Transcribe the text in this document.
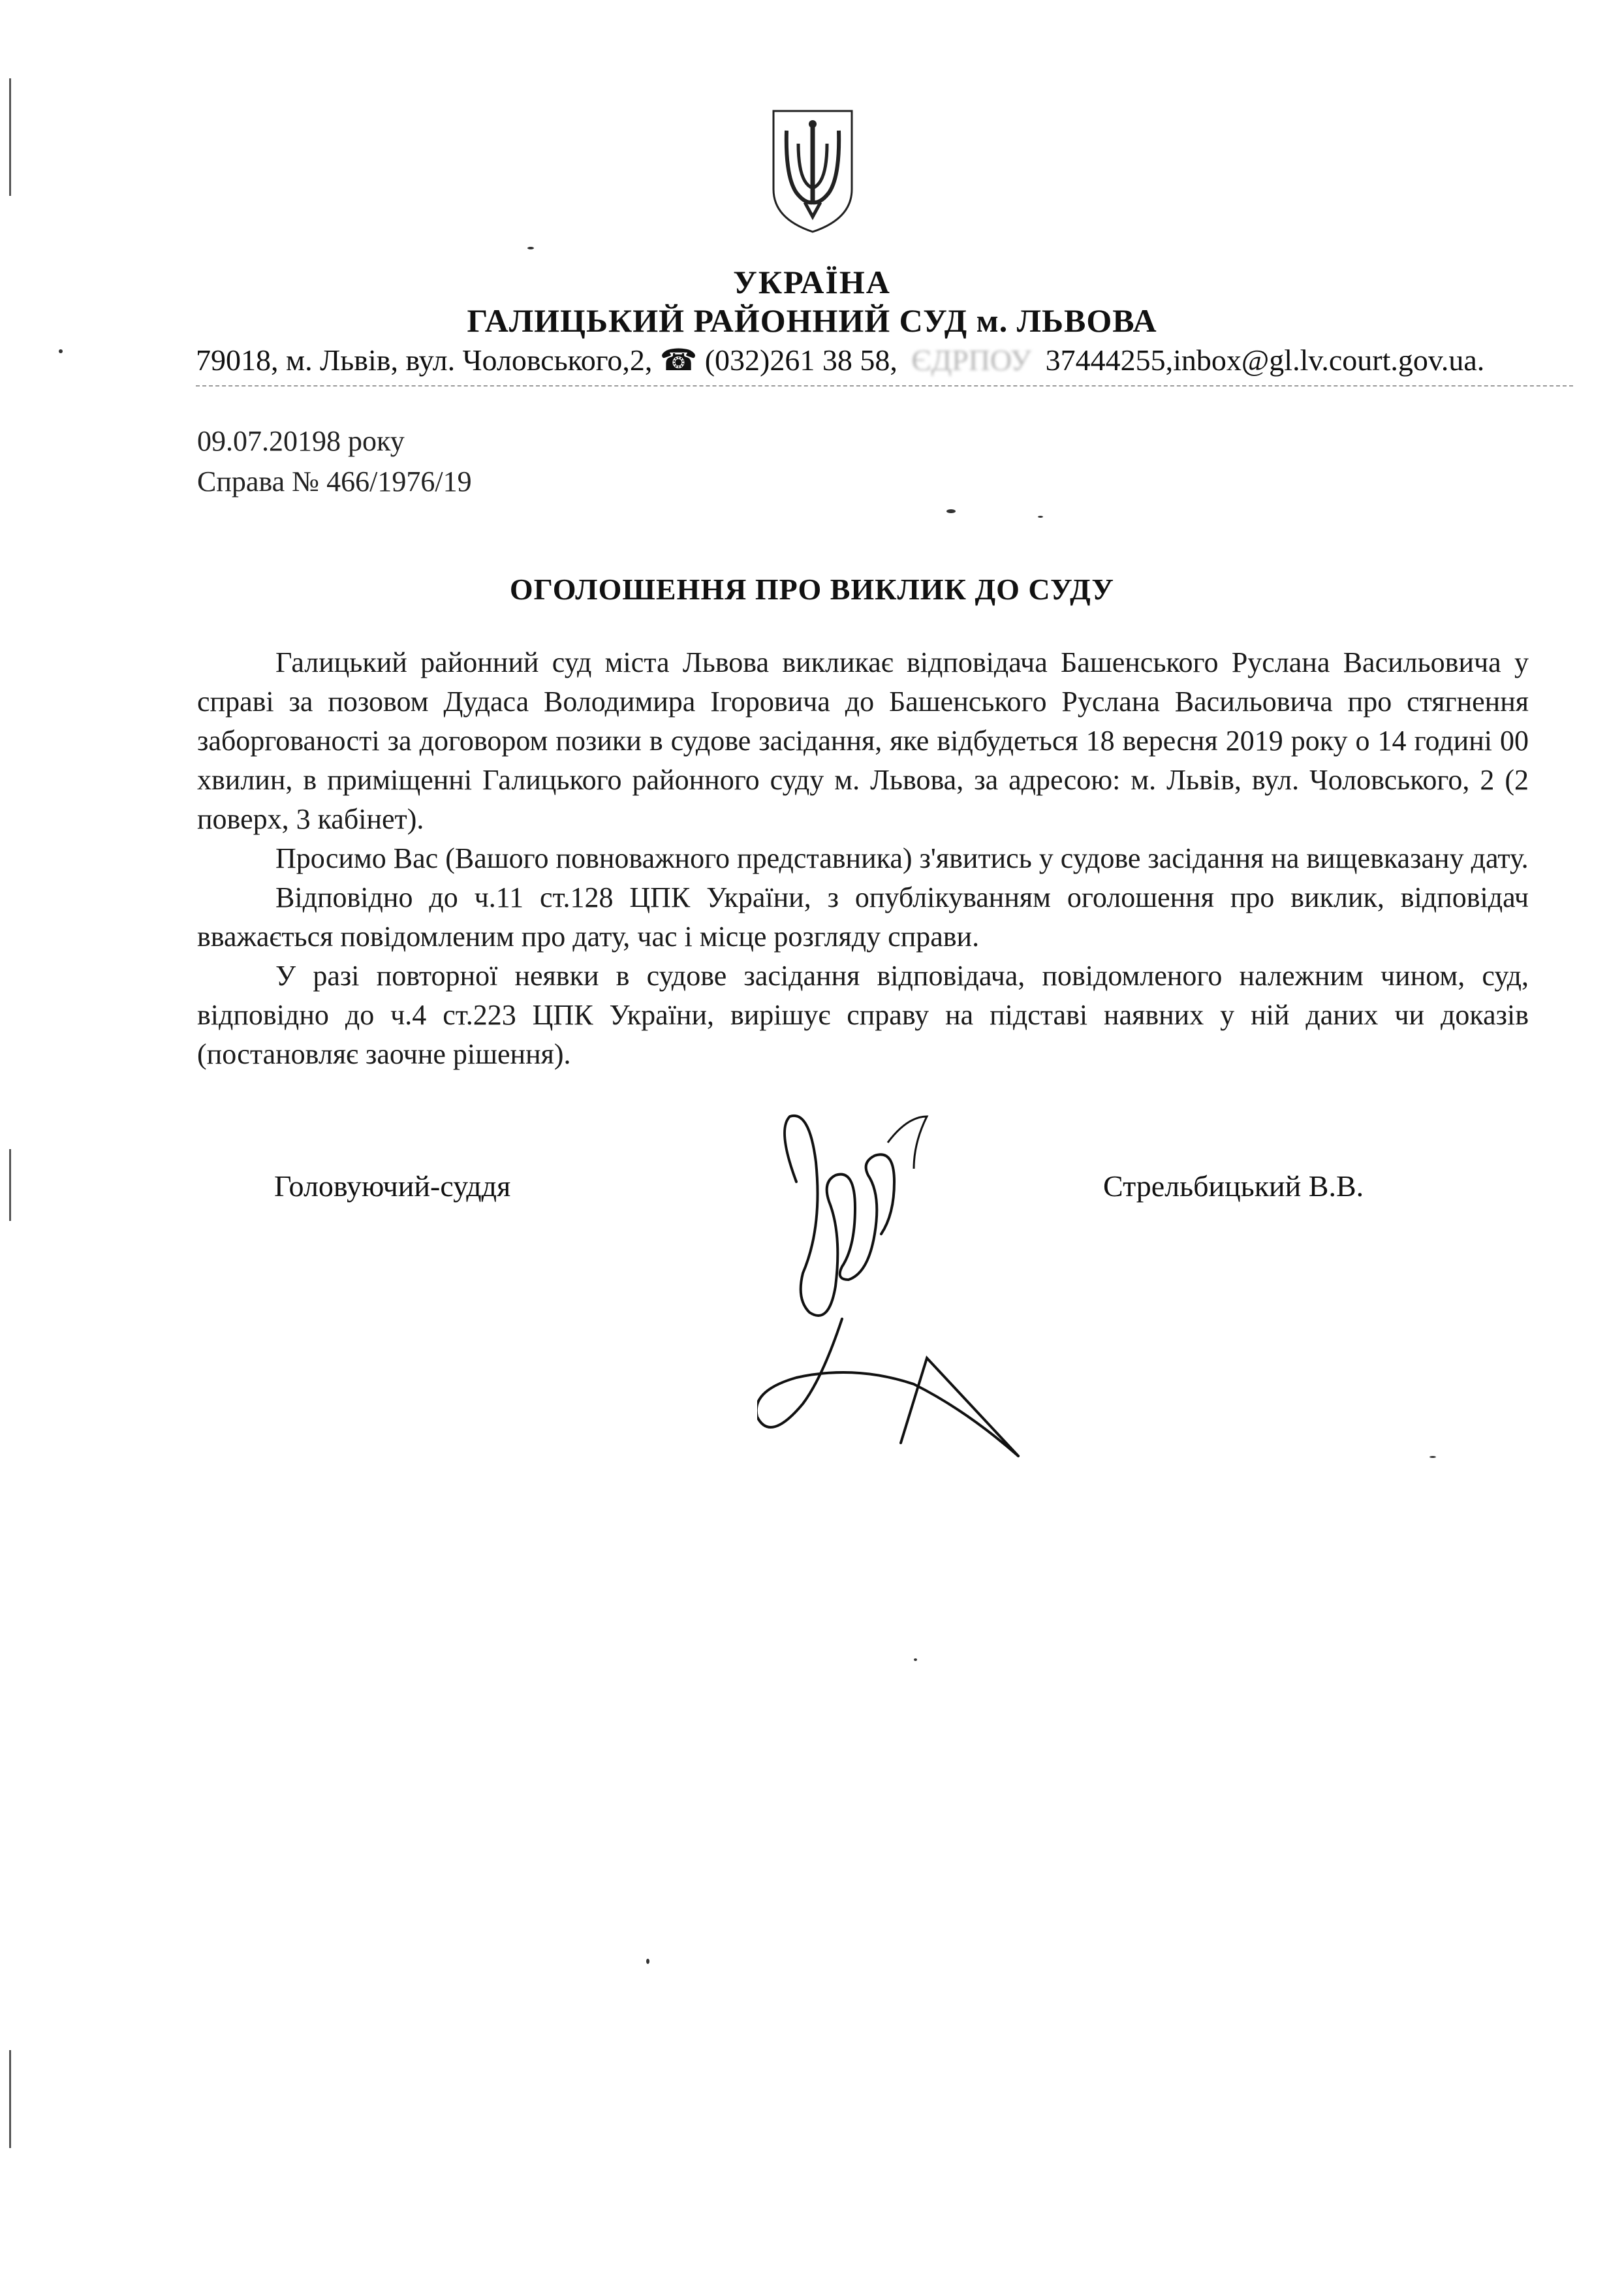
УКРАЇНА
ГАЛИЦЬКИЙ РАЙОННИЙ СУД м. ЛЬВОВА
79018, м. Львів, вул. Чоловського,2, ☎ (032)261 38 58, ЄДРПОУ 37444255,inbox@gl.lv.court.gov.ua.
09.07.20198 року
Справа № 466/1976/19
ОГОЛОШЕННЯ ПРО ВИКЛИК ДО СУДУ

Галицький районний суд міста Львова викликає відповідача Башенського Руслана Васильовича у справі за позовом Дудаса Володимира Ігоровича до Башенського Руслана Васильовича про стягнення заборгованості за договором позики в судове засідання, яке відбудеться 18 вересня 2019 року о 14 годині 00 хвилин, в приміщенні Галицького районного суду м. Львова, за адресою: м. Львів, вул. Чоловського, 2 (2 поверх, 3 кабінет).

Просимо Вас (Вашого повноважного представника) з'явитись у судове засідання на вищевказану дату.

Відповідно до ч.11 ст.128 ЦПК України, з опублікуванням оголошення про виклик, відповідач вважається повідомленим про дату, час і місце розгляду справи.

У разі повторної неявки в судове засідання відповідача, повідомленого належним чином, суд, відповідно до ч.4 ст.223 ЦПК України, вирішує справу на підставі наявних у ній даних чи доказів (постановляє заочне рішення).

Головуючий-суддя	Стрельбицький В.В.
